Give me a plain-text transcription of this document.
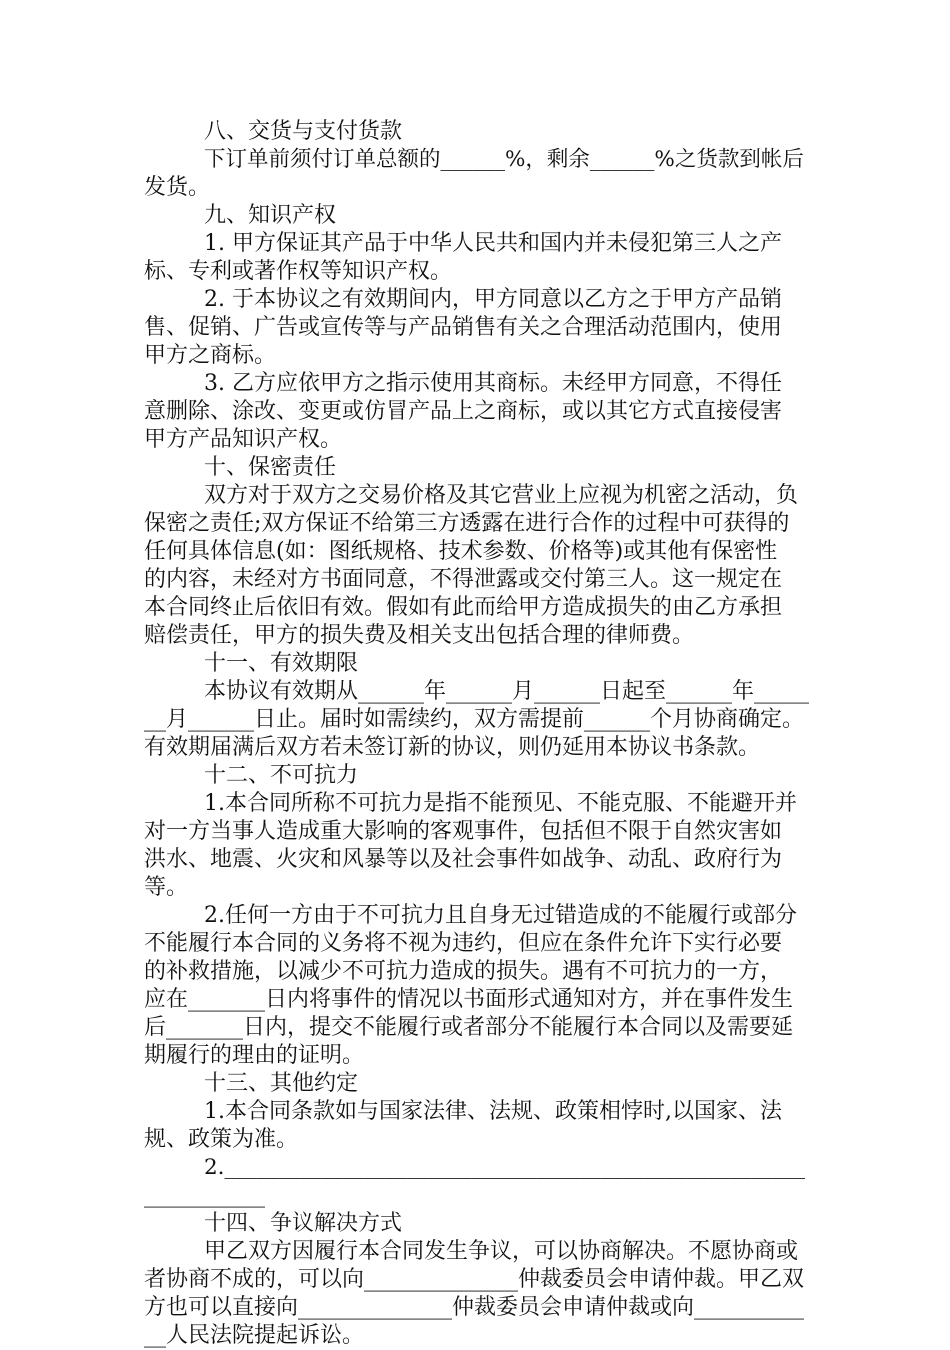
八、交货与支付货款
下订单前须付订单总额的______%，剩余______%之货款到帐后
发货。
九、知识产权
1. 甲方保证其产品于中华人民共和国内并未侵犯第三人之产
标、专利或著作权等知识产权。
2. 于本协议之有效期间内，甲方同意以乙方之于甲方产品销
售、促销、广告或宣传等与产品销售有关之合理活动范围内，使用
甲方之商标。
3. 乙方应依甲方之指示使用其商标。未经甲方同意，不得任
意删除、涂改、变更或仿冒产品上之商标，或以其它方式直接侵害
甲方产品知识产权。
十、保密责任
双方对于双方之交易价格及其它营业上应视为机密之活动，负
保密之责任;双方保证不给第三方透露在进行合作的过程中可获得的
任何具体信息(如：图纸规格、技术参数、价格等)或其他有保密性
的内容，未经对方书面同意，不得泄露或交付第三人。这一规定在
本合同终止后依旧有效。假如有此而给甲方造成损失的由乙方承担
赔偿责任，甲方的损失费及相关支出包括合理的律师费。
十一、有效期限
本协议有效期从______年______月______日起至______年_____
__月______日止。届时如需续约，双方需提前______个月协商确定。
有效期届满后双方若未签订新的协议，则仍延用本协议书条款。
十二、不可抗力
1.本合同所称不可抗力是指不能预见、不能克服、不能避开并
对一方当事人造成重大影响的客观事件，包括但不限于自然灾害如
洪水、地震、火灾和风暴等以及社会事件如战争、动乱、政府行为
等。
2.任何一方由于不可抗力且自身无过错造成的不能履行或部分
不能履行本合同的义务将不视为违约，但应在条件允许下实行必要
的补救措施，以减少不可抗力造成的损失。遇有不可抗力的一方，
应在_______日内将事件的情况以书面形式通知对方，并在事件发生
后_______日内，提交不能履行或者部分不能履行本合同以及需要延
期履行的理由的证明。
十三、其他约定
1.本合同条款如与国家法律、法规、政策相悖时,以国家、法
规、政策为准。
2.______________________________________________________
___________
十四、争议解决方式
甲乙双方因履行本合同发生争议，可以协商解决。不愿协商或
者协商不成的，可以向______________仲裁委员会申请仲裁。甲乙双
方也可以直接向______________仲裁委员会申请仲裁或向__________
__人民法院提起诉讼。
